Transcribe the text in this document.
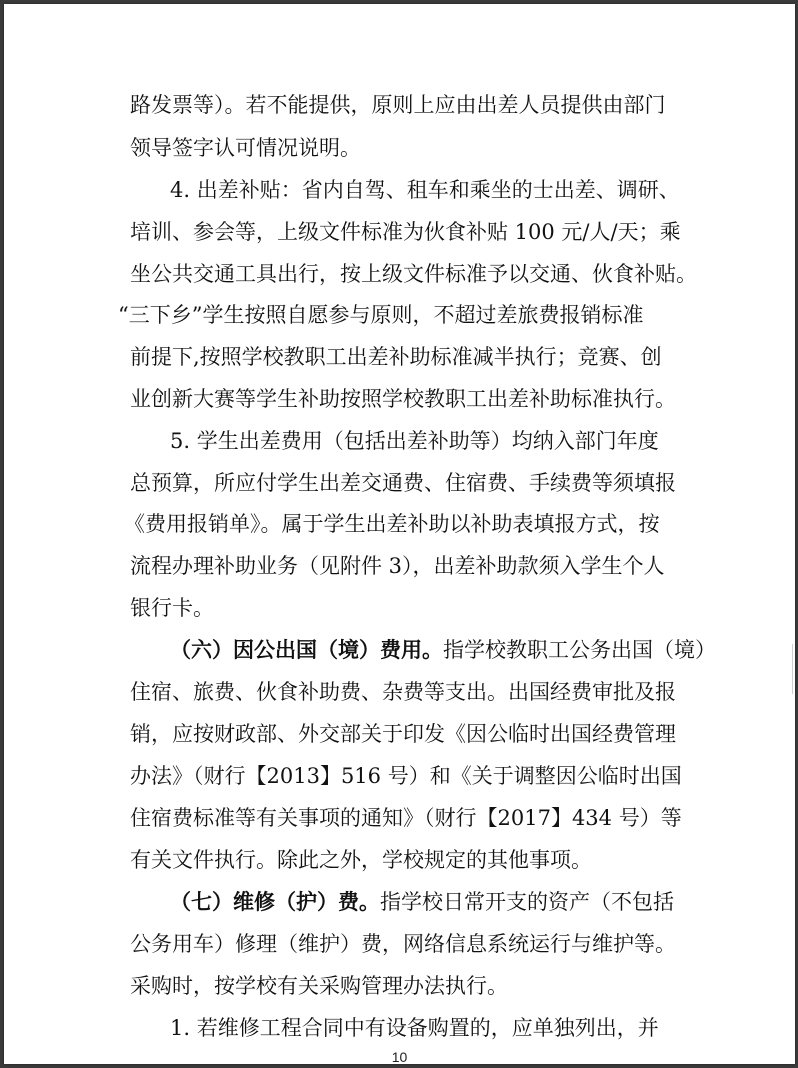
路发票等）。若不能提供，原则上应由出差人员提供由部门
领导签字认可情况说明。
4. 出差补贴：省内自驾、租车和乘坐的士出差、调研、
培训、参会等，上级文件标准为伙食补贴 100 元/人/天；乘
坐公共交通工具出行，按上级文件标准予以交通、伙食补贴。
“三下乡”学生按照自愿参与原则，不超过差旅费报销标准
前提下,按照学校教职工出差补助标准减半执行；竞赛、创
业创新大赛等学生补助按照学校教职工出差补助标准执行。
5. 学生出差费用（包括出差补助等）均纳入部门年度
总预算，所应付学生出差交通费、住宿费、手续费等须填报
《费用报销单》。属于学生出差补助以补助表填报方式，按
流程办理补助业务（见附件 3），出差补助款须入学生个人
银行卡。
（六）因公出国（境）费用。指学校教职工公务出国（境）
住宿、旅费、伙食补助费、杂费等支出。出国经费审批及报
销，应按财政部、外交部关于印发《因公临时出国经费管理
办法》（财行【2013】516 号）和《关于调整因公临时出国
住宿费标准等有关事项的通知》（财行【2017】434 号）等
有关文件执行。除此之外，学校规定的其他事项。
（七）维修（护）费。指学校日常开支的资产（不包括
公务用车）修理（维护）费，网络信息系统运行与维护等。
采购时，按学校有关采购管理办法执行。
1. 若维修工程合同中有设备购置的，应单独列出，并
10
